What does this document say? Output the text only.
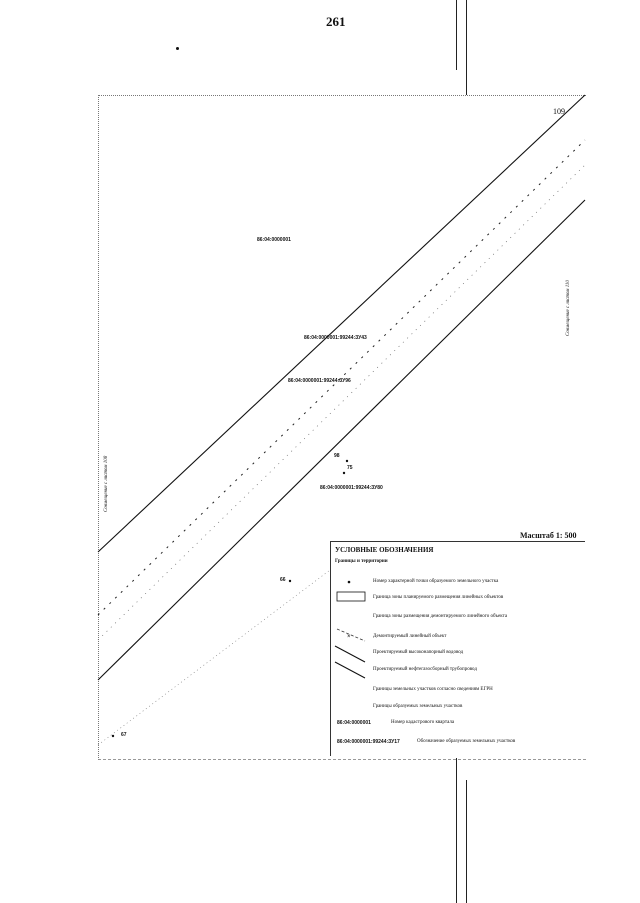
261
109
86:04:0000001
86:04:0000001:99244:ЗУ43
86:04:0000001:99244:ЗУ96
86:04:0000001:99244:ЗУ80
98
75
66
67
Совмещение с листом 110
Совмещение с листом 108
Масштаб 1: 500
УСЛОВНЫЕ ОБОЗНАЧЕНИЯ
Границы и территории
×
Номер характерной точки образуемого земельного участка
Граница зоны планируемого размещения линейных объектов
Граница зоны размещения демонтируемого линейного объекта
Демонтируемый линейный объект
Проектируемый высоконапорный водовод
Проектируемый нефтегазосборный трубопровод
Границы земельных участков согласно сведениям ЕГРН
Границы образуемых земельных участков
86:04:0000001	Номер кадастрового квартала
86:04:0000001:99244:ЗУ17	Обозначение образуемых земельных участков
